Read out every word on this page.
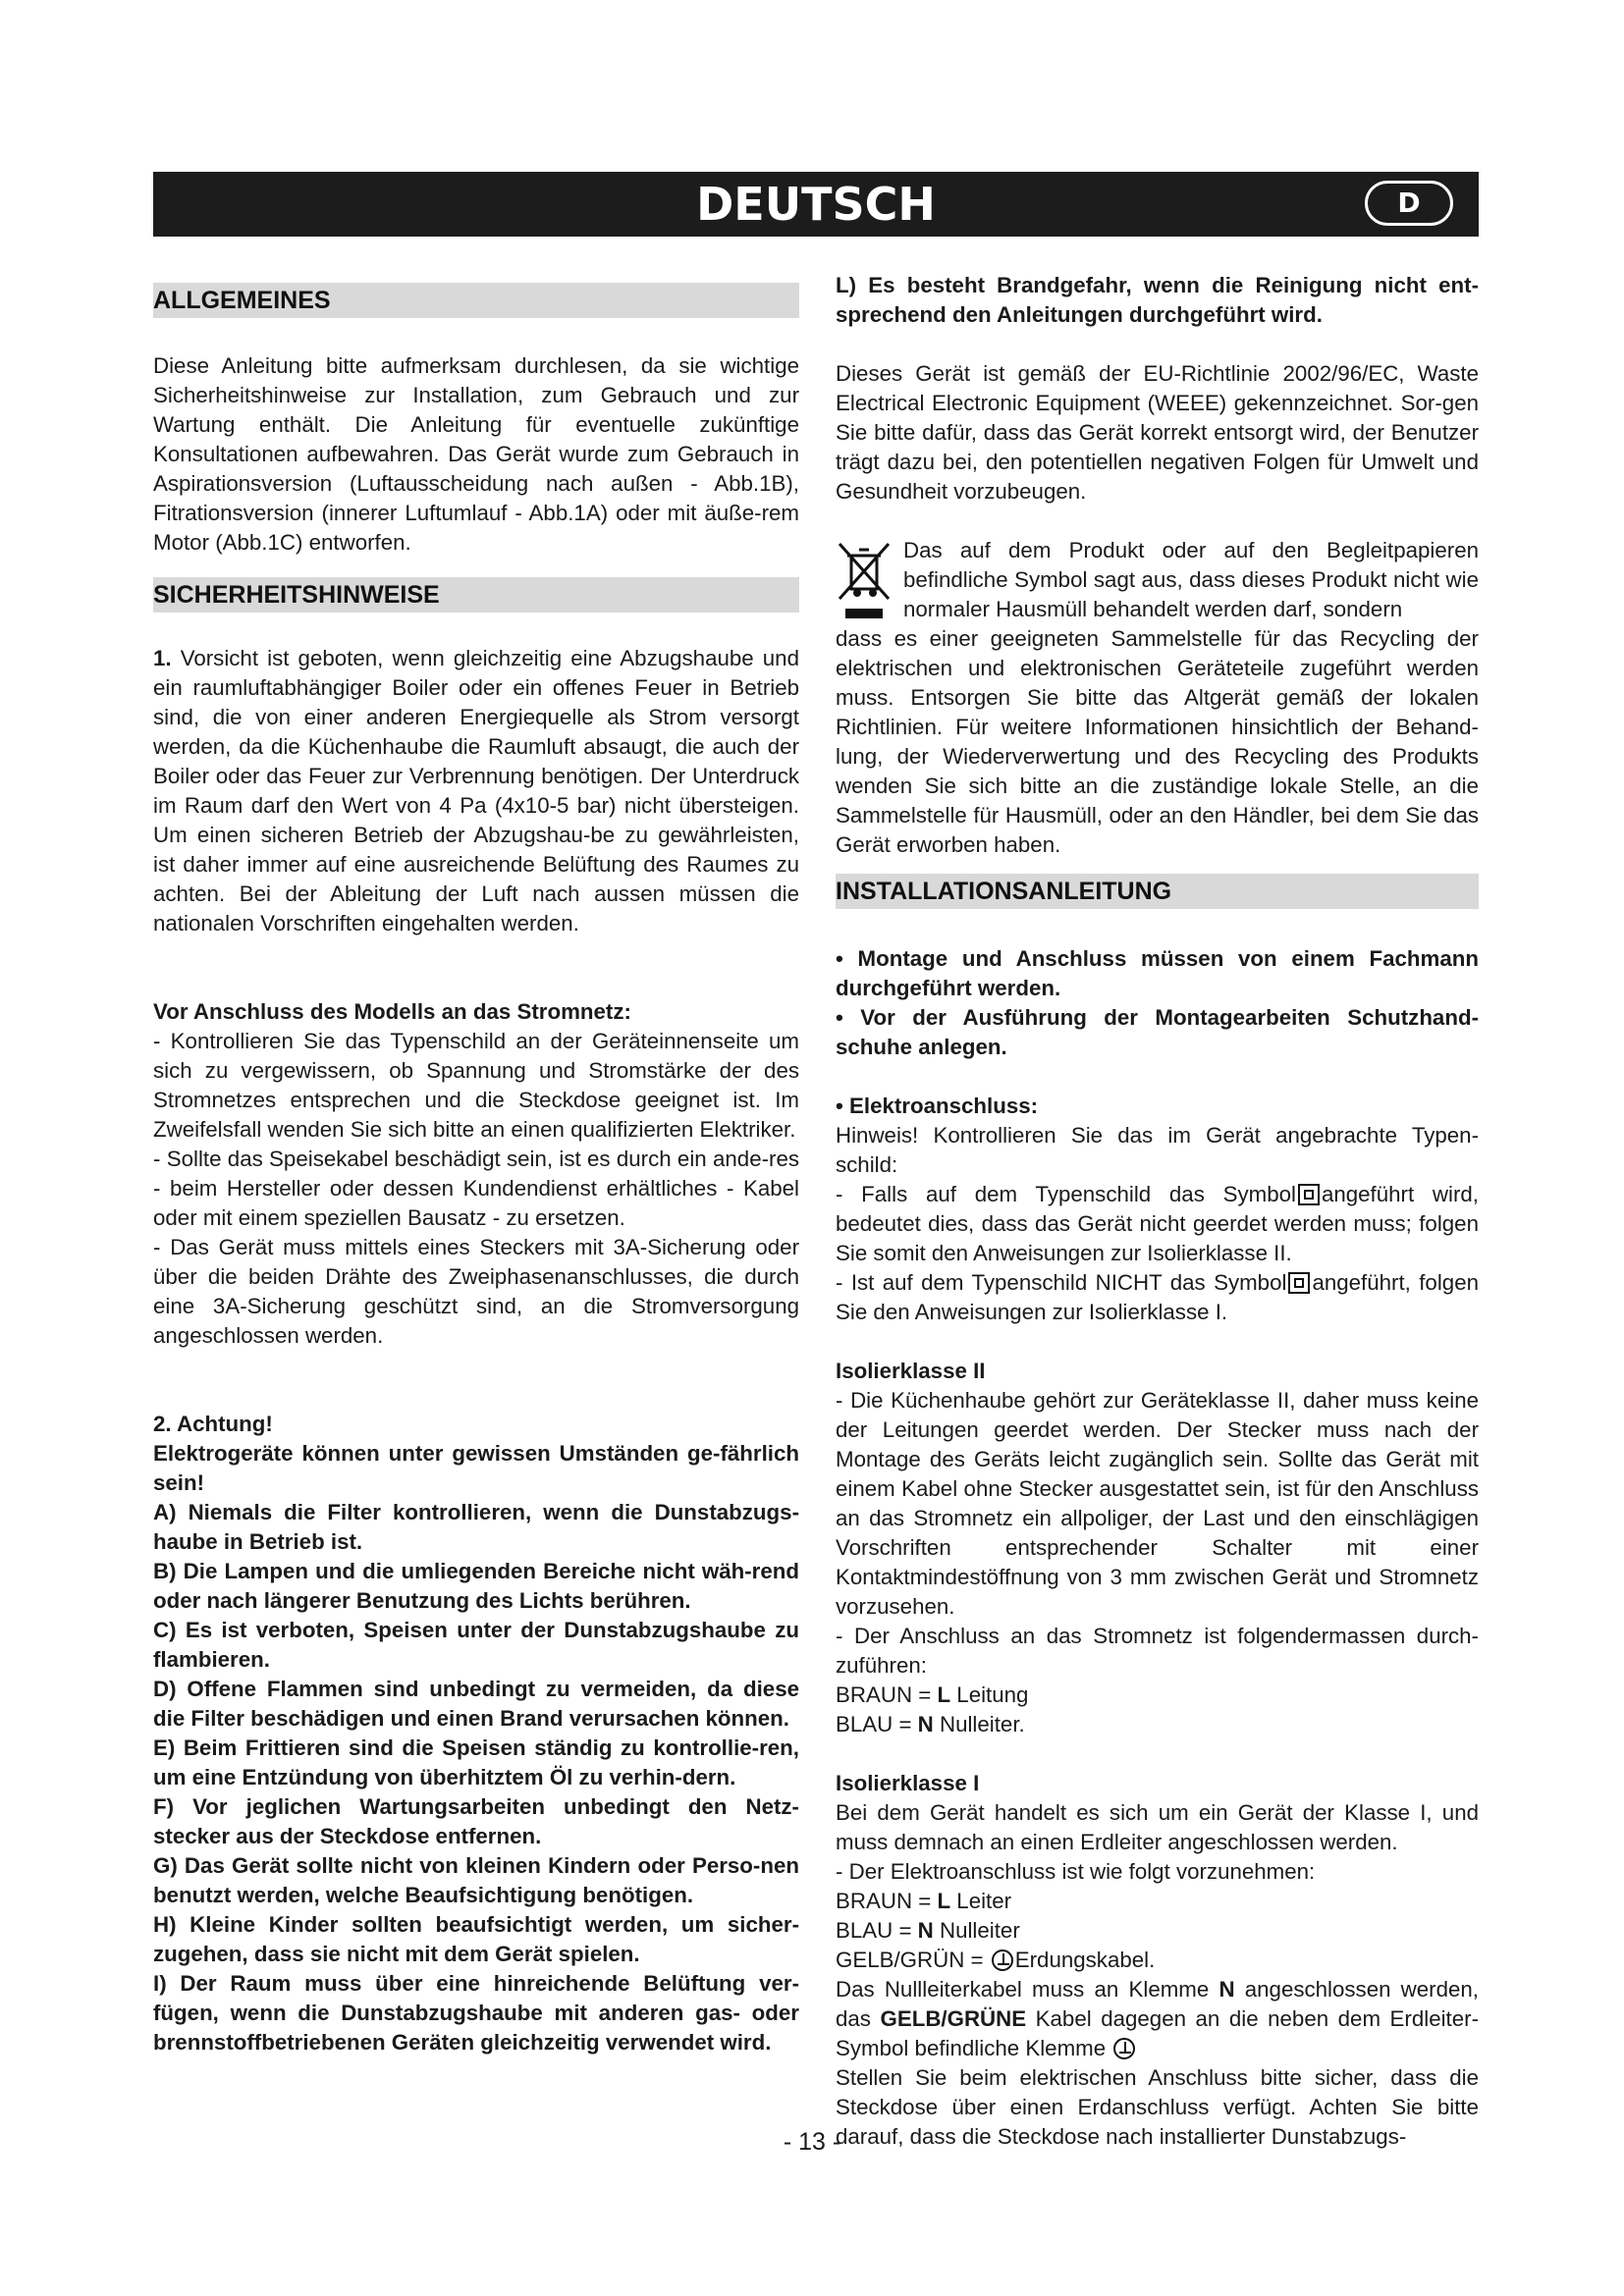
DEUTSCH	D
ALLGEMEINES

Diese Anleitung bitte aufmerksam durchlesen, da sie wichtige Sicherheitshinweise zur Installation, zum Gebrauch und zur Wartung enthält. Die Anleitung für eventuelle zukünftige Konsultationen aufbewahren. Das Gerät wurde zum Gebrauch in Aspirationsversion (Luftausscheidung nach außen - Abb.1B), Fitrationsversion (innerer Luftumlauf - Abb.1A) oder mit äuße-rem Motor (Abb.1C) entworfen.

SICHERHEITSHINWEISE

1. Vorsicht ist geboten, wenn gleichzeitig eine Abzugshaube und ein raumluftabhängiger Boiler oder ein offenes Feuer in Betrieb sind, die von einer anderen Energiequelle als Strom versorgt werden, da die Küchenhaube die Raumluft absaugt, die auch der Boiler oder das Feuer zur Verbrennung benötigen. Der Unterdruck im Raum darf den Wert von 4 Pa (4x10-5 bar) nicht übersteigen. Um einen sicheren Betrieb der Abzugshau-be zu gewährleisten, ist daher immer auf eine ausreichende Belüftung des Raumes zu achten. Bei der Ableitung der Luft nach aussen müssen die nationalen Vorschriften eingehalten werden.

Vor Anschluss des Modells an das Stromnetz:

- Kontrollieren Sie das Typenschild an der Geräteinnenseite um sich zu vergewissern, ob Spannung und Stromstärke der des Stromnetzes entsprechen und die Steckdose geeignet ist. Im Zweifelsfall wenden Sie sich bitte an einen qualifizierten Elektriker.

- Sollte das Speisekabel beschädigt sein, ist es durch ein ande-res - beim Hersteller oder dessen Kundendienst erhältliches - Kabel oder mit einem speziellen Bausatz - zu ersetzen.

- Das Gerät muss mittels eines Steckers mit 3A-Sicherung oder über die beiden Drähte des Zweiphasenanschlusses, die durch eine 3A-Sicherung geschützt sind, an die Stromversorgung angeschlossen werden.

2. Achtung!

Elektrogeräte können unter gewissen Umständen ge-fährlich sein!

A) Niemals die Filter kontrollieren, wenn die Dunstabzugs-haube in Betrieb ist.

B) Die Lampen und die umliegenden Bereiche nicht wäh-rend oder nach längerer Benutzung des Lichts berühren.

C) Es ist verboten, Speisen unter der Dunstabzugshaube zu flambieren.

D) Offene Flammen sind unbedingt zu vermeiden, da diese die Filter beschädigen und einen Brand verursachen können.

E) Beim Frittieren sind die Speisen ständig zu kontrollie-ren, um eine Entzündung von überhitztem Öl zu verhin-dern.

F) Vor jeglichen Wartungsarbeiten unbedingt den Netz-stecker aus der Steckdose entfernen.

G) Das Gerät sollte nicht von kleinen Kindern oder Perso-nen benutzt werden, welche Beaufsichtigung benötigen.

H) Kleine Kinder sollten beaufsichtigt werden, um sicher-zugehen, dass sie nicht mit dem Gerät spielen.

I) Der Raum muss über eine hinreichende Belüftung ver-fügen, wenn die Dunstabzugshaube mit anderen gas- oder brennstoffbetriebenen Geräten gleichzeitig verwendet wird.

L) Es besteht Brandgefahr, wenn die Reinigung nicht ent-sprechend den Anleitungen durchgeführt wird.

Dieses Gerät ist gemäß der EU-Richtlinie 2002/96/EC, Waste Electrical Electronic Equipment (WEEE) gekennzeichnet. Sor-gen Sie bitte dafür, dass das Gerät korrekt entsorgt wird, der Benutzer trägt dazu bei, den potentiellen negativen Folgen für Umwelt und Gesundheit vorzubeugen.

Das auf dem Produkt oder auf den Begleitpapieren befindliche Symbol sagt aus, dass dieses Produkt nicht wie normaler Hausmüll behandelt werden darf, sondern

dass es einer geeigneten Sammelstelle für das Recycling der elektrischen und elektronischen Geräteteile zugeführt werden muss. Entsorgen Sie bitte das Altgerät gemäß der lokalen Richtlinien. Für weitere Informationen hinsichtlich der Behand-lung, der Wiederverwertung und des Recycling des Produkts wenden Sie sich bitte an die zuständige lokale Stelle, an die Sammelstelle für Hausmüll, oder an den Händler, bei dem Sie das Gerät erworben haben.

INSTALLATIONSANLEITUNG

• Montage und Anschluss müssen von einem Fachmann durchgeführt werden.

• Vor der Ausführung der Montagearbeiten Schutzhand-schuhe anlegen.

• Elektroanschluss:

Hinweis! Kontrollieren Sie das im Gerät angebrachte Typen-schild:

- Falls auf dem Typenschild das Symbol angeführt wird, bedeutet dies, dass das Gerät nicht geerdet werden muss; folgen Sie somit den Anweisungen zur Isolierklasse II.

- Ist auf dem Typenschild NICHT das Symbol angeführt, folgen Sie den Anweisungen zur Isolierklasse I.

Isolierklasse II

- Die Küchenhaube gehört zur Geräteklasse II, daher muss keine der Leitungen geerdet werden. Der Stecker muss nach der Montage des Geräts leicht zugänglich sein. Sollte das Gerät mit einem Kabel ohne Stecker ausgestattet sein, ist für den Anschluss an das Stromnetz ein allpoliger, der Last und den einschlägigen Vorschriften entsprechender Schalter mit einer Kontaktmindestöffnung von 3 mm zwischen Gerät und Stromnetz vorzusehen.

- Der Anschluss an das Stromnetz ist folgendermassen durch-zuführen:

BRAUN = L Leitung

BLAU = N Nulleiter.

Isolierklasse I

Bei dem Gerät handelt es sich um ein Gerät der Klasse I, und muss demnach an einen Erdleiter angeschlossen werden.

- Der Elektroanschluss ist wie folgt vorzunehmen:

BRAUN = L Leiter

BLAU = N Nulleiter

GELB/GRÜN = Erdungskabel.

Das Nullleiterkabel muss an Klemme N angeschlossen werden, das GELB/GRÜNE Kabel dagegen an die neben dem Erdleiter-Symbol befindliche Klemme

Stellen Sie beim elektrischen Anschluss bitte sicher, dass die Steckdose über einen Erdanschluss verfügt. Achten Sie bitte darauf, dass die Steckdose nach installierter Dunstabzugs-

- 13 -
